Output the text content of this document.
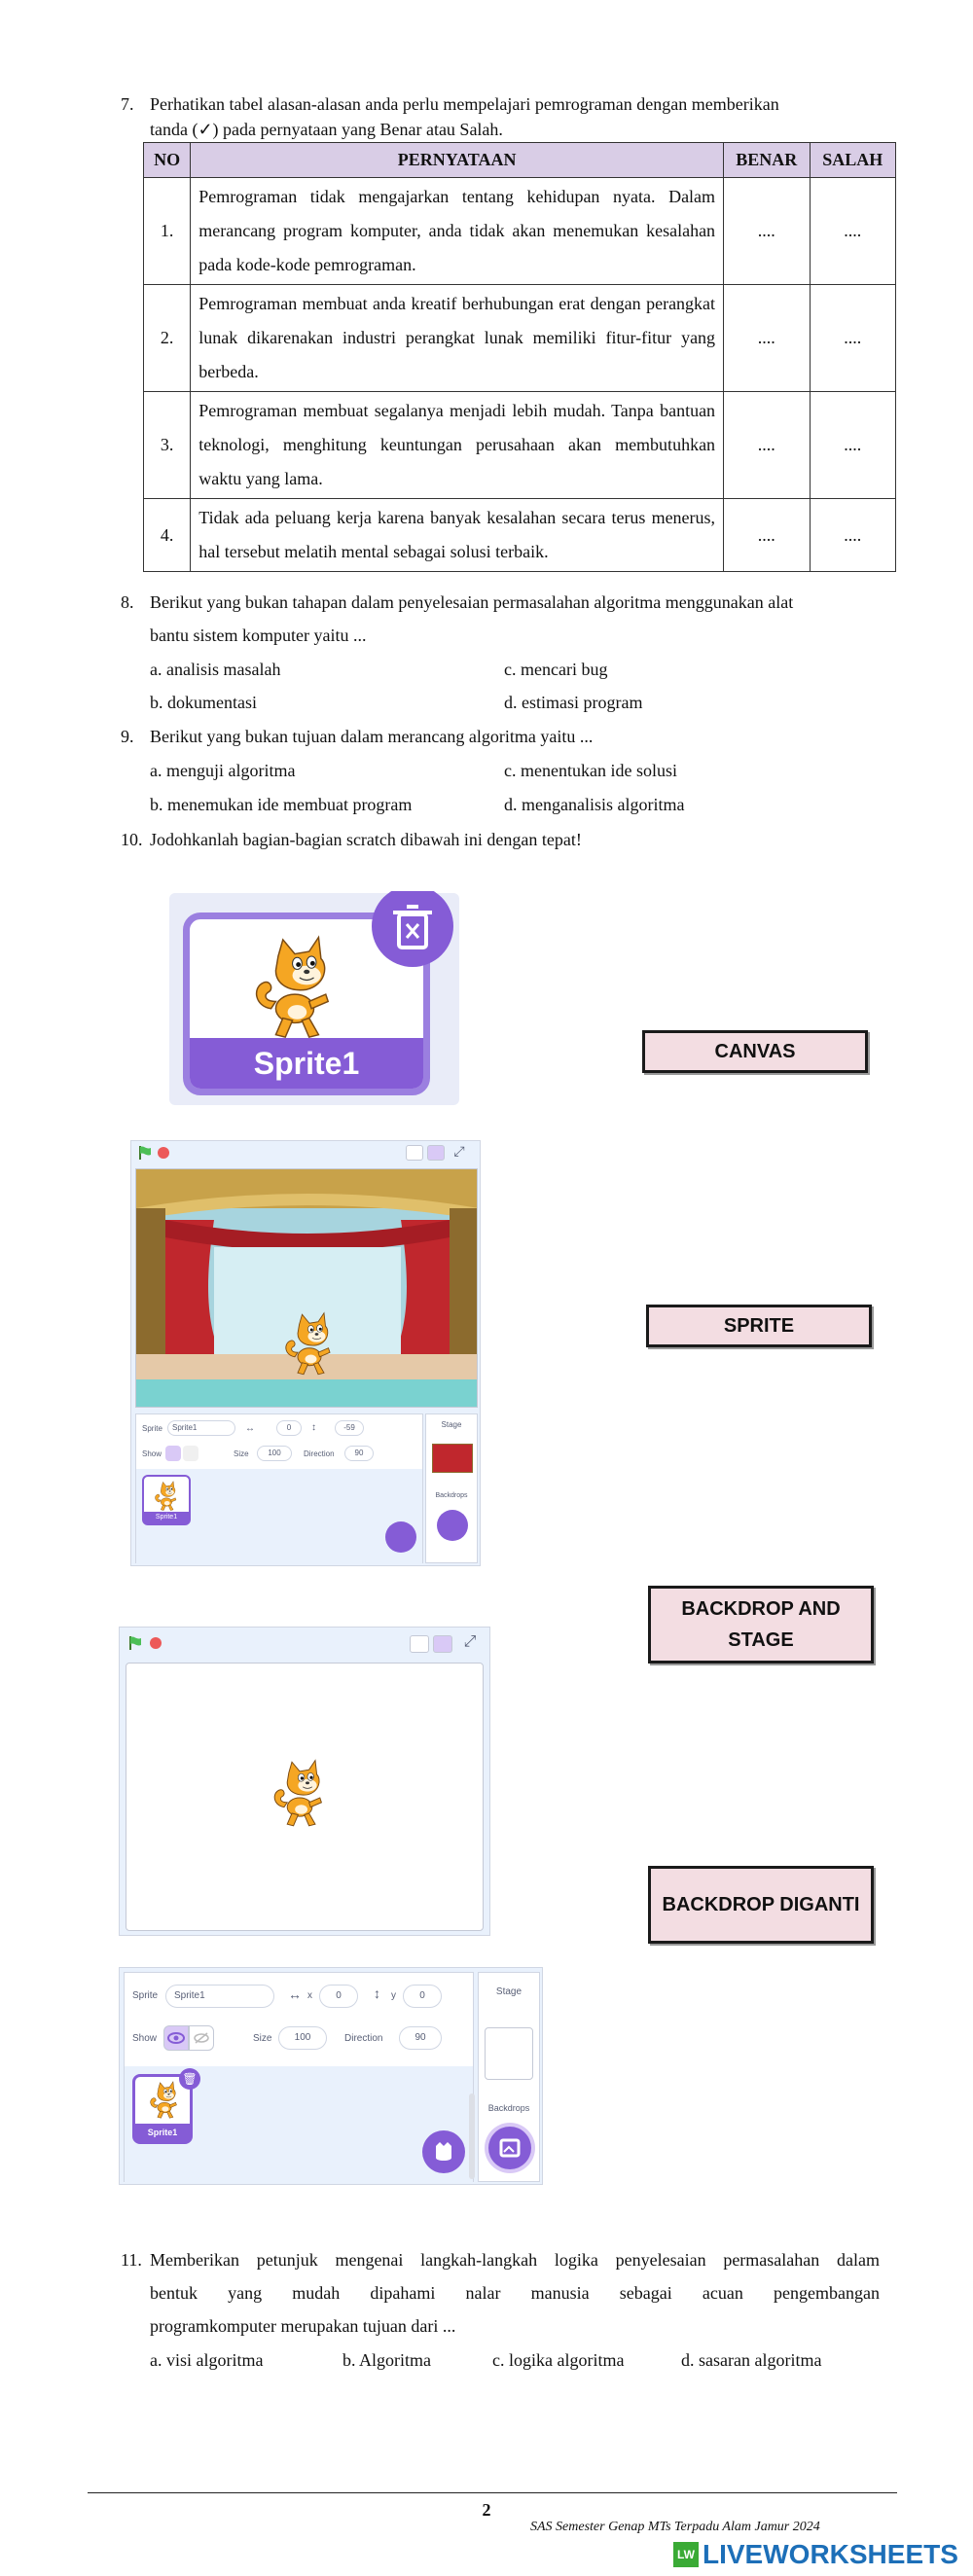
7. Perhatikan tabel alasan-alasan anda perlu mempelajari pemrograman dengan memberikan
tanda (✓) pada pernyataan yang Benar atau Salah.
NO	PERNYATAAN	BENAR	SALAH
1.	Pemrograman tidak mengajarkan tentang kehidupan nyata. Dalam merancang program komputer, anda tidak akan menemukan kesalahan pada kode-kode pemrograman.	....	....
2.	Pemrograman membuat anda kreatif berhubungan erat dengan perangkat lunak dikarenakan industri perangkat lunak memiliki fitur-fitur yang berbeda.	....	....
3.	Pemrograman membuat segalanya menjadi lebih mudah. Tanpa bantuan teknologi, menghitung keuntungan perusahaan akan membutuhkan waktu yang lama.	....	....
4.	Tidak ada peluang kerja karena banyak kesalahan secara terus menerus, hal tersebut melatih mental sebagai solusi terbaik.	....	....
8. Berikut yang bukan tahapan dalam penyelesaian permasalahan algoritma menggunakan alat
bantu sistem komputer yaitu ...
a. analisis masalah	c. mencari bug
b. dokumentasi	d. estimasi program
9. Berikut yang bukan tujuan dalam merancang algoritma yaitu ...
a. menguji algoritma	c. menentukan ide solusi
b. menemukan ide membuat program	d. menganalisis algoritma
10. Jodohkanlah bagian-bagian scratch dibawah ini dengan tepat!
Sprite1
⤢
Sprite	Sprite1	↔	0	↕	-59
Show	Size	100	Direction	90
Sprite1
Stage
Backdrops
⤢
Sprite	Sprite1	↔ x	0	↕ y	0
Show	Size	100	Direction	90
Sprite1
🗑
Stage
Backdrops
CANVAS
SPRITE
BACKDROP AND STAGE
BACKDROP DIGANTI
11. Memberikan petunjuk mengenai langkah-langkah logika penyelesaian permasalahan dalam
bentuk yang mudah dipahami nalar manusia sebagai acuan pengembangan
programkomputer merupakan tujuan dari ...
a. visi algoritma	b. Algoritma	c. logika algoritma	d. sasaran algoritma
2
SAS Semester Genap MTs Terpadu Alam Jamur 2024
LW LIVEWORKSHEETS
